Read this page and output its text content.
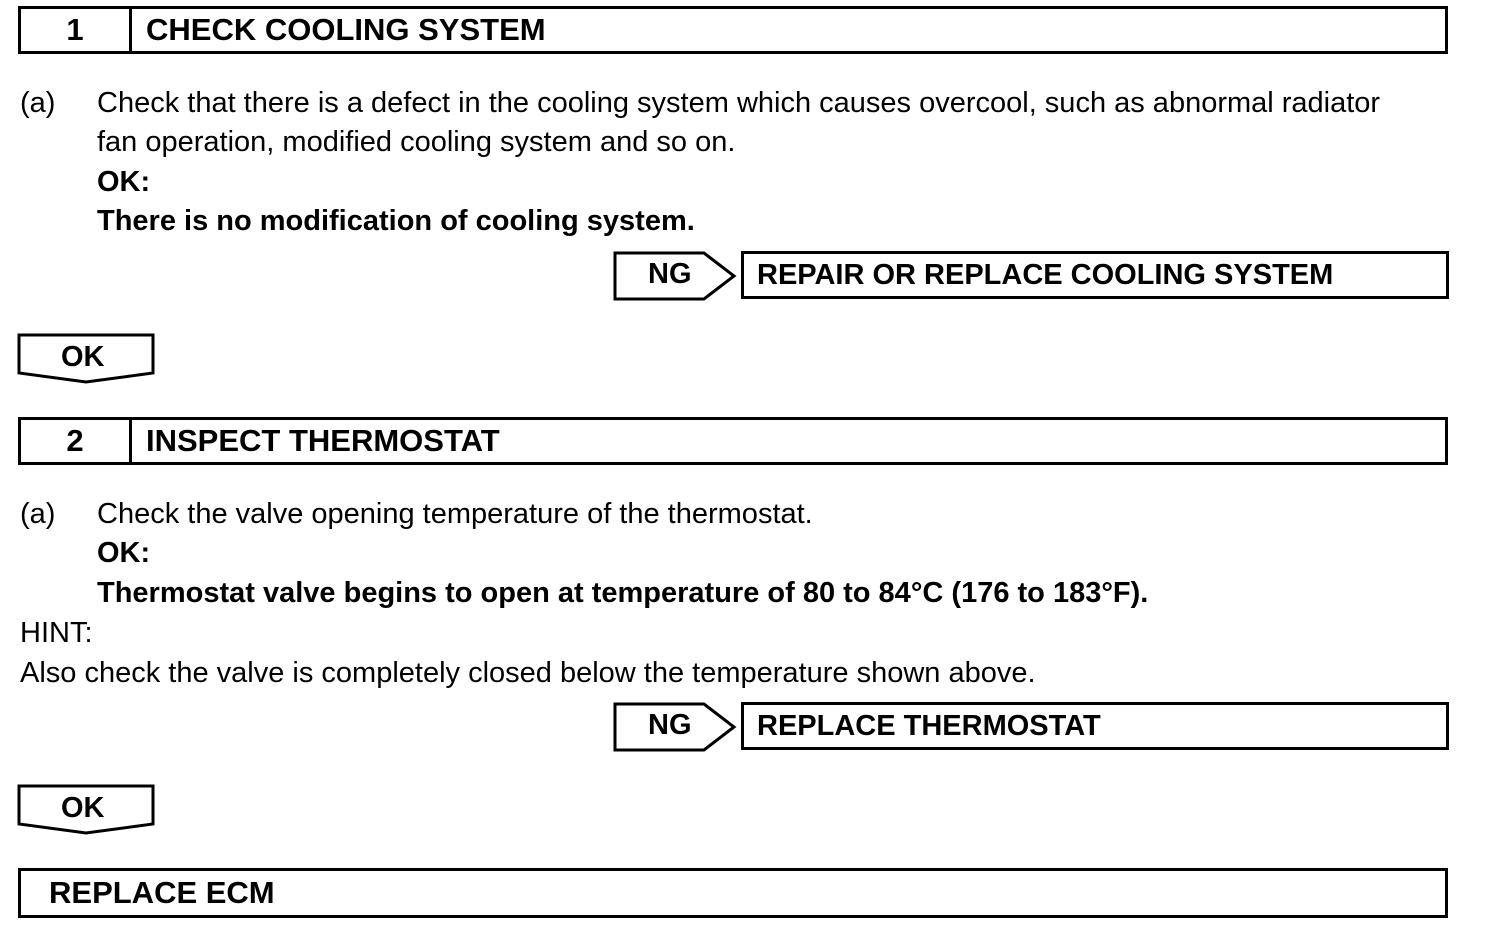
1	CHECK COOLING SYSTEM
(a) Check that there is a defect in the cooling system which causes overcool, such as abnormal radiator
fan operation, modified cooling system and so on.
OK:
There is no modification of cooling system.
NG	REPAIR OR REPLACE COOLING SYSTEM
OK
2	INSPECT THERMOSTAT
(a) Check the valve opening temperature of the thermostat.
OK:
Thermostat valve begins to open at temperature of 80 to 84°C (176 to 183°F).
HINT:
Also check the valve is completely closed below the temperature shown above.
NG	REPLACE THERMOSTAT
OK
REPLACE ECM
